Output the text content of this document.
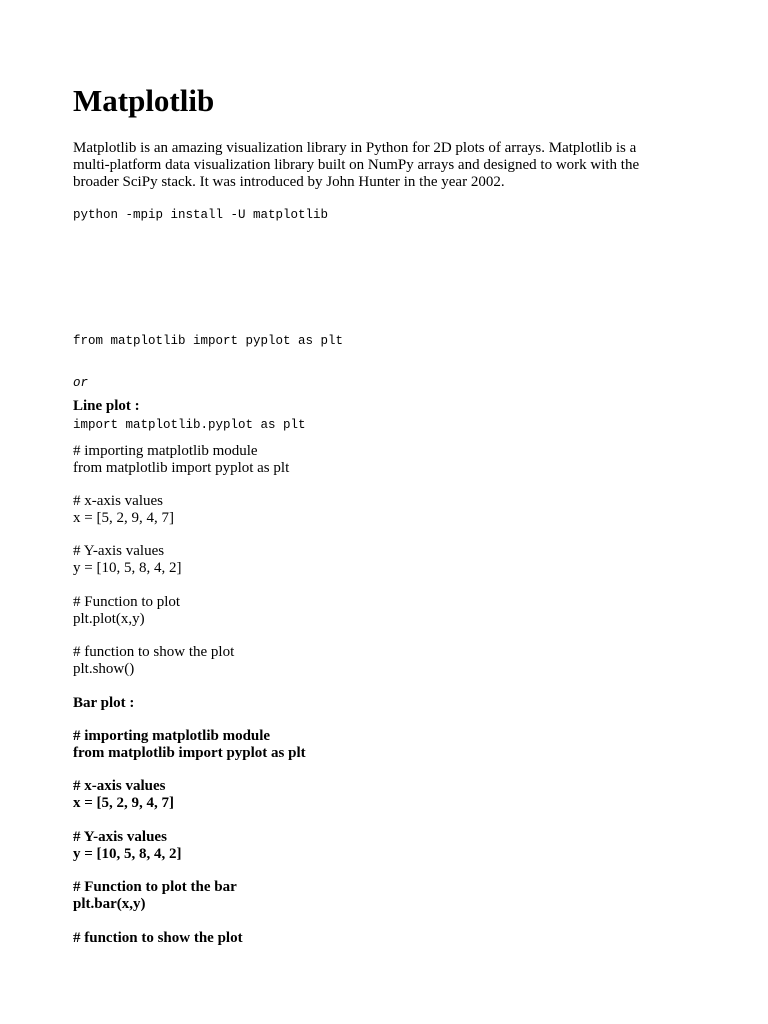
Matplotlib

Matplotlib is an amazing visualization library in Python for 2D plots of arrays. Matplotlib is a
multi-platform data visualization library built on NumPy arrays and designed to work with the
broader SciPy stack. It was introduced by John Hunter in the year 2002.

python -mpip install -U matplotlib

from matplotlib import pyplot as plt

or

import matplotlib.pyplot as plt

Line plot :
# importing matplotlib module
from matplotlib import pyplot as plt
# x-axis values
x = [5, 2, 9, 4, 7]
# Y-axis values
y = [10, 5, 8, 4, 2]
# Function to plot
plt.plot(x,y)
# function to show the plot
plt.show()
Bar plot :
# importing matplotlib module
from matplotlib import pyplot as plt
# x-axis values
x = [5, 2, 9, 4, 7]
# Y-axis values
y = [10, 5, 8, 4, 2]
# Function to plot the bar
plt.bar(x,y)
# function to show the plot
